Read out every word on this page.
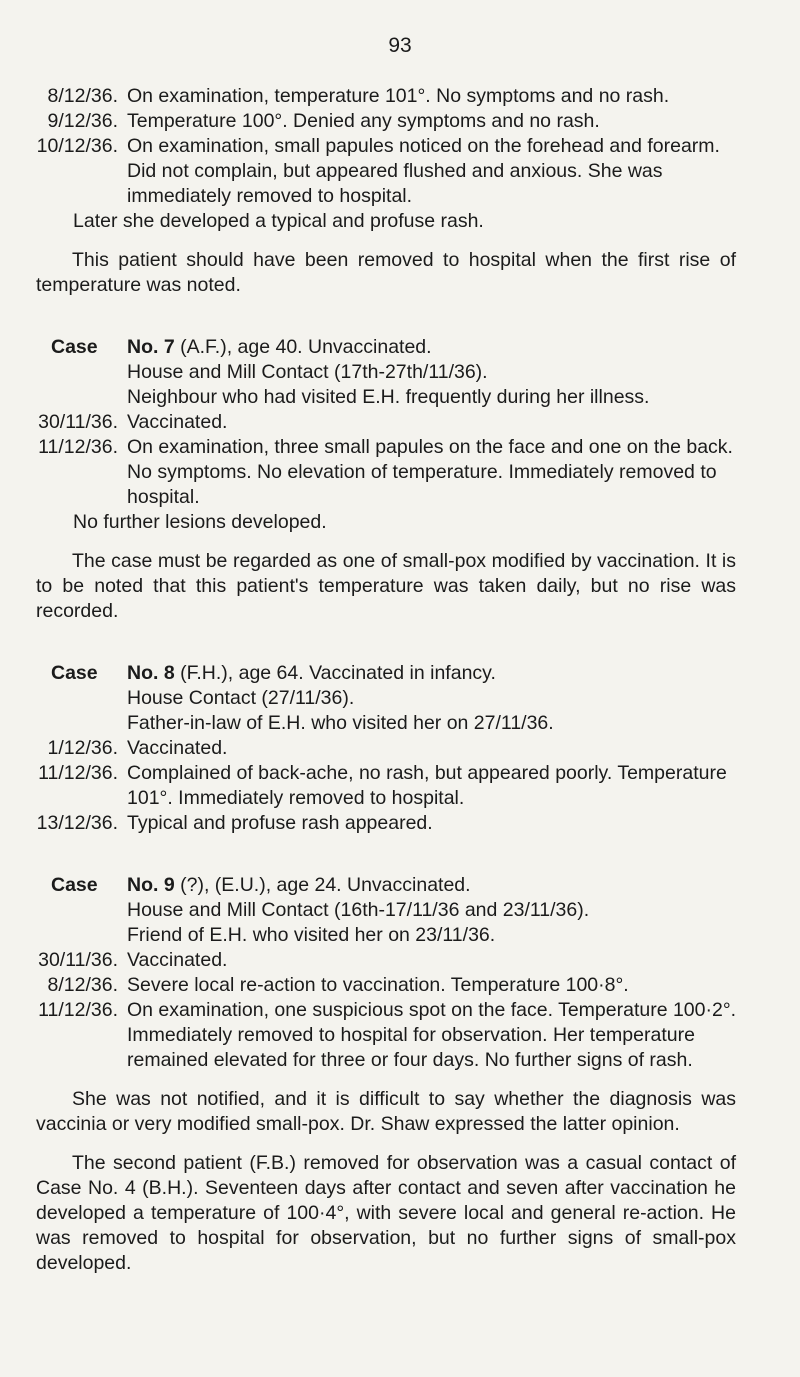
93
8/12/36. On examination, temperature 101°. No symptoms and no rash.
9/12/36. Temperature 100°. Denied any symptoms and no rash.
10/12/36. On examination, small papules noticed on the forehead and forearm. Did not complain, but appeared flushed and anxious. She was immediately removed to hospital.
Later she developed a typical and profuse rash.
This patient should have been removed to hospital when the first rise of temperature was noted.
Case No. 7 (A.F.), age 40. Unvaccinated.
House and Mill Contact (17th-27th/11/36).
Neighbour who had visited E.H. frequently during her illness.
30/11/36. Vaccinated.
11/12/36. On examination, three small papules on the face and one on the back. No symptoms. No elevation of temperature. Immediately removed to hospital.
No further lesions developed.
The case must be regarded as one of small-pox modified by vaccination. It is to be noted that this patient's temperature was taken daily, but no rise was recorded.
Case No. 8 (F.H.), age 64. Vaccinated in infancy.
House Contact (27/11/36).
Father-in-law of E.H. who visited her on 27/11/36.
1/12/36. Vaccinated.
11/12/36. Complained of back-ache, no rash, but appeared poorly. Temperature 101°. Immediately removed to hospital.
13/12/36. Typical and profuse rash appeared.
Case No. 9 (?), (E.U.), age 24. Unvaccinated.
House and Mill Contact (16th-17/11/36 and 23/11/36).
Friend of E.H. who visited her on 23/11/36.
30/11/36. Vaccinated.
8/12/36. Severe local re-action to vaccination. Temperature 100·8°.
11/12/36. On examination, one suspicious spot on the face. Temperature 100·2°. Immediately removed to hospital for observation. Her temperature remained elevated for three or four days. No further signs of rash.
She was not notified, and it is difficult to say whether the diagnosis was vaccinia or very modified small-pox. Dr. Shaw expressed the latter opinion.
The second patient (F.B.) removed for observation was a casual contact of Case No. 4 (B.H.). Seventeen days after contact and seven after vaccination he developed a temperature of 100·4°, with severe local and general re-action. He was removed to hospital for observation, but no further signs of small-pox developed.
